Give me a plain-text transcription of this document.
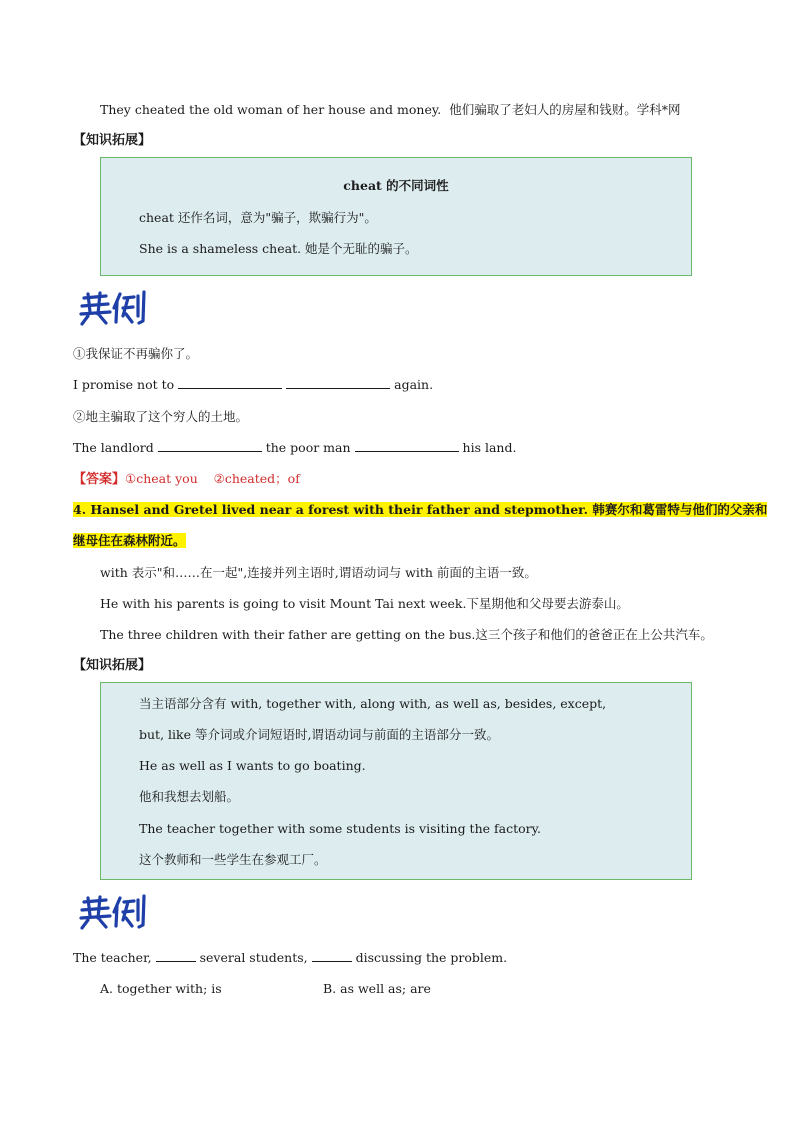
They cheated the old woman of her house and money. 他们骗取了老妇人的房屋和钱财。学科*网
【知识拓展】
cheat 的不同词性
cheat 还作名词，意为"骗子，欺骗行为"。
She is a shameless cheat. 她是个无耻的骗子。
①我保证不再骗你了。
I promise not to	again.
②地主骗取了这个穷人的土地。
The landlord	the poor man	his land.
【答案】①cheat you    ②cheated；of
4. Hansel and Gretel lived near a forest with their father and stepmother. 韩赛尔和葛雷特与他们的父亲和
继母住在森林附近。
with 表示"和……在一起",连接并列主语时,谓语动词与 with 前面的主语一致。
He with his parents is going to visit Mount Tai next week.下星期他和父母要去游泰山。
The three children with their father are getting on the bus.这三个孩子和他们的爸爸正在上公共汽车。
【知识拓展】
当主语部分含有 with, together with, along with, as well as, besides, except,
but, like 等介词或介词短语时,谓语动词与前面的主语部分一致。
He as well as I wants to go boating.
他和我想去划船。
The teacher together with some students is visiting the factory.
这个教师和一些学生在参观工厂。
The teacher,	several students,	discussing the problem.
A. together with; is	B. as well as; are
